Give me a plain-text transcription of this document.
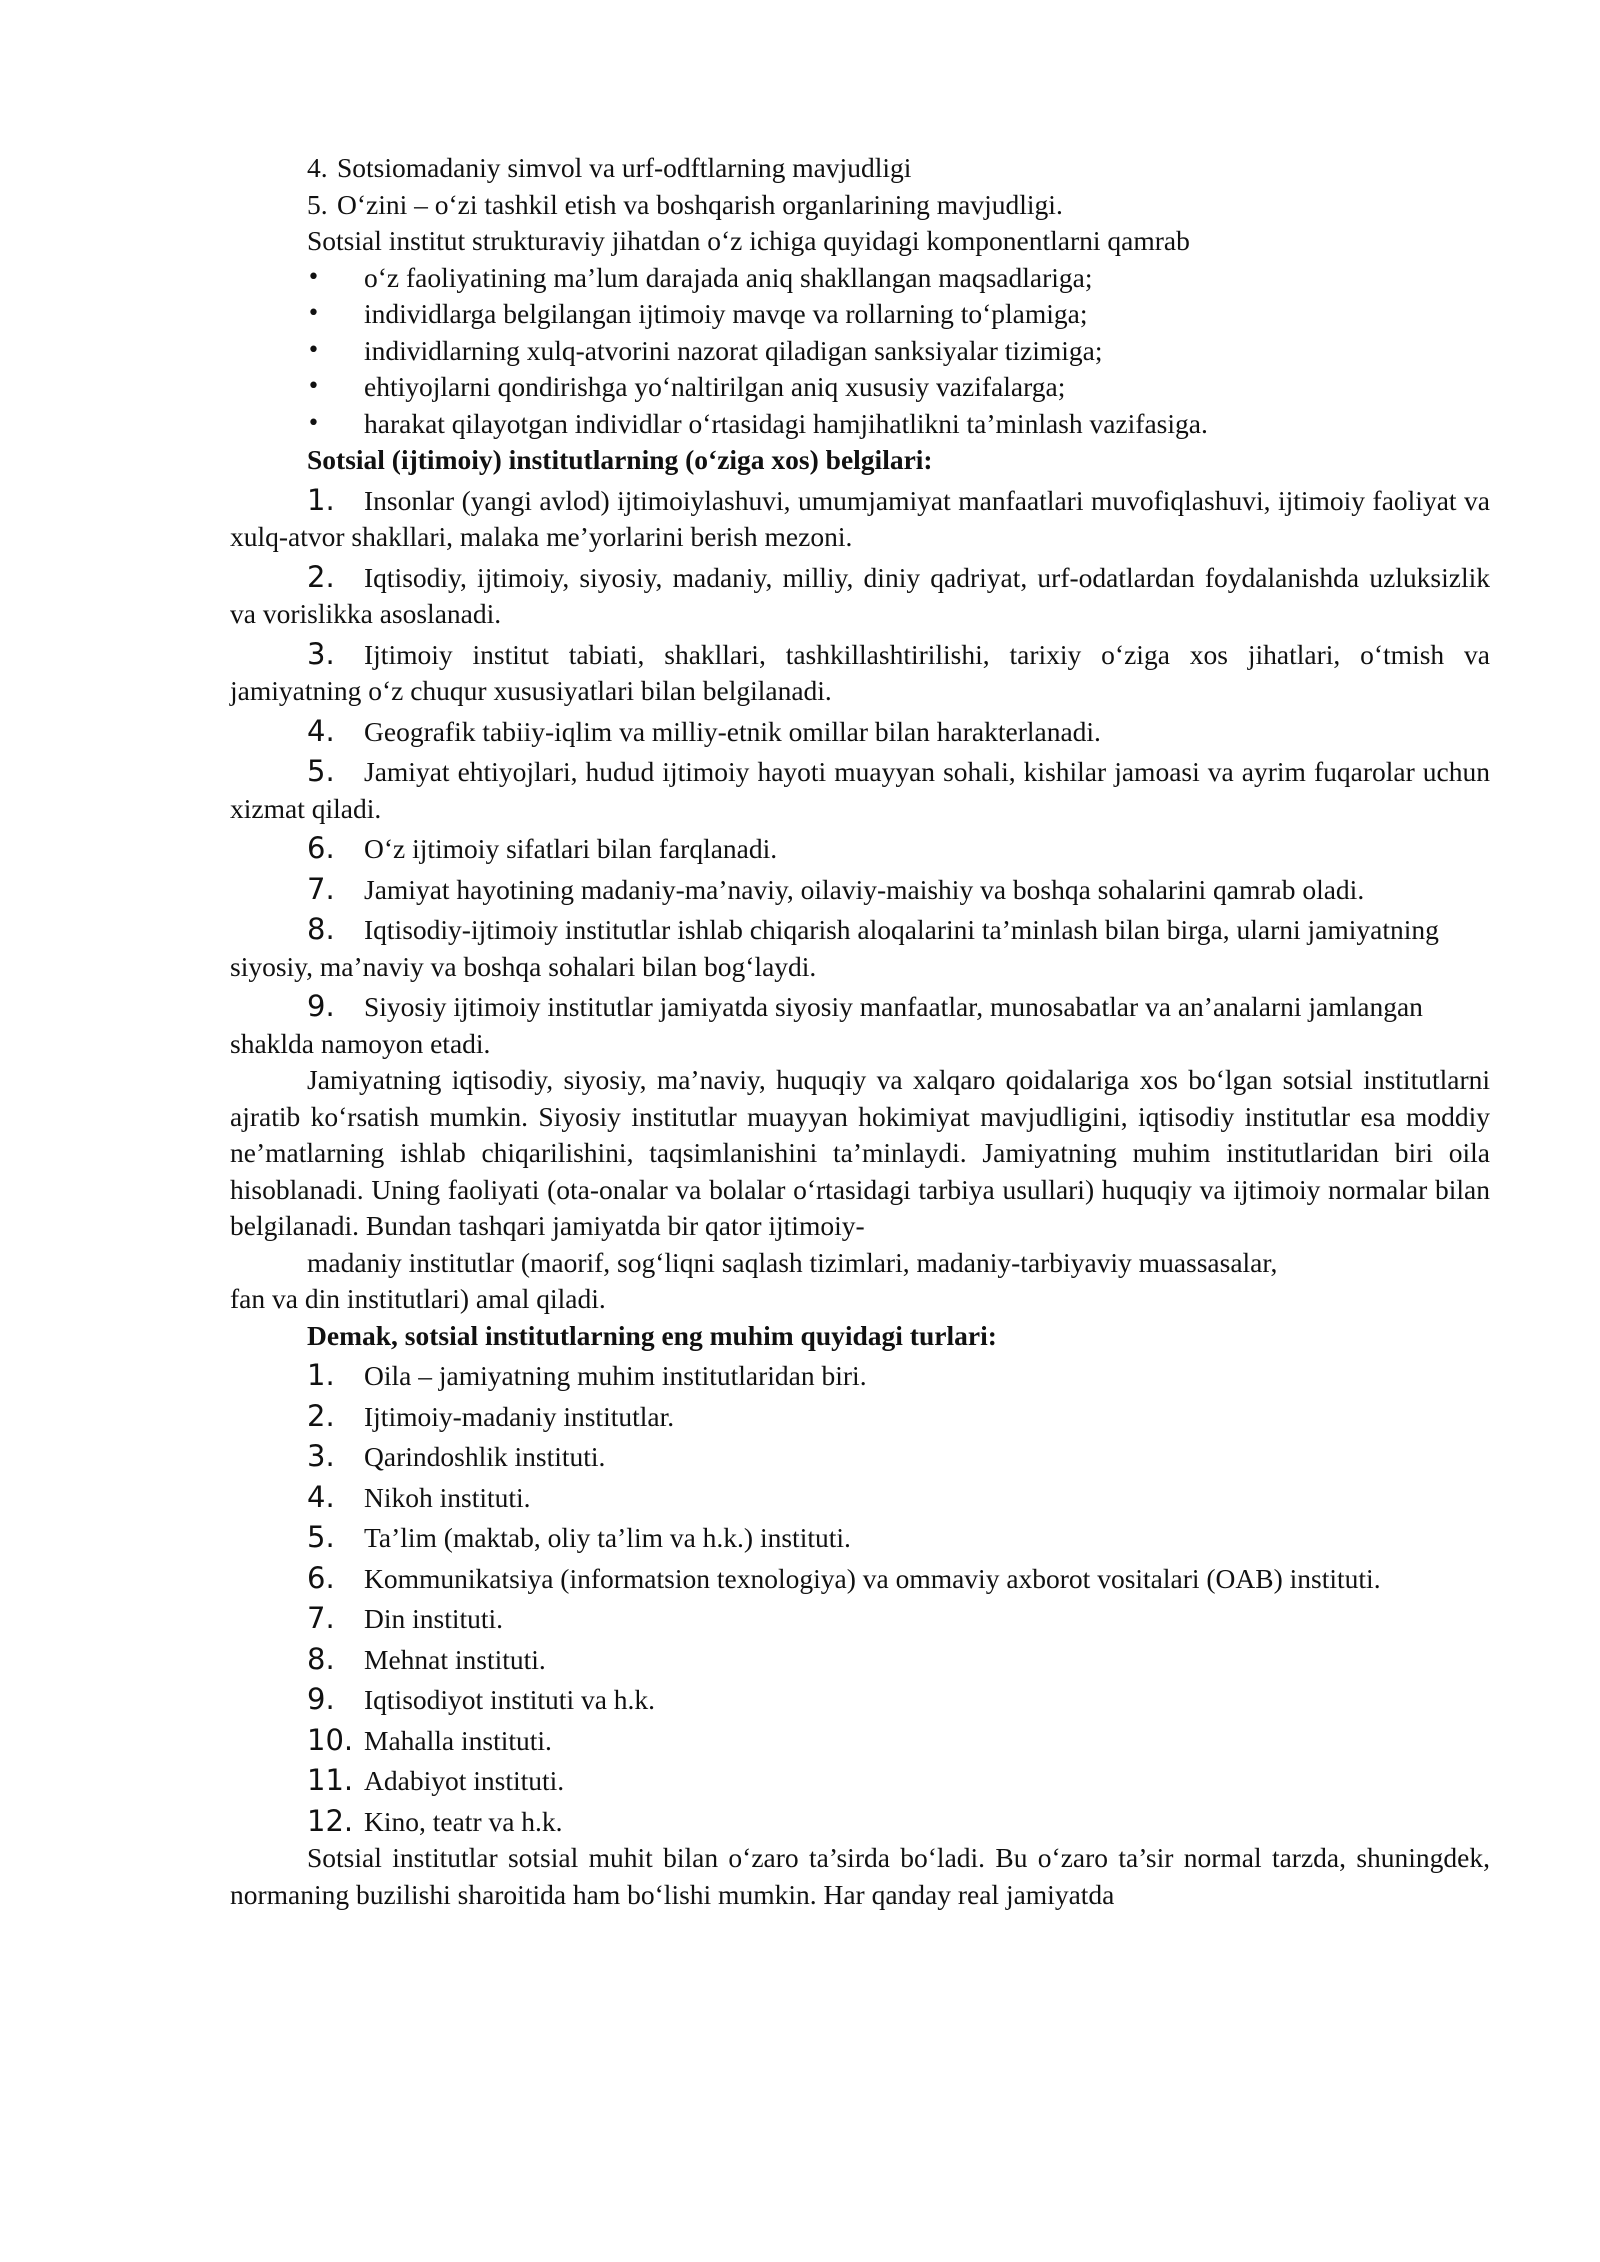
4. Sotsiomadaniy simvol va urf-odftlarning mavjudligi

5. O‘zini – o‘zi tashkil etish va boshqarish organlarining mavjudligi.

Sotsial institut strukturaviy jihatdan o‘z ichiga quyidagi komponentlarni qamrab

• o‘z faoliyatining ma’lum darajada aniq shakllangan maqsadlariga;

• individlarga belgilangan ijtimoiy mavqe va rollarning to‘plamiga;

• individlarning xulq-atvorini nazorat qiladigan sanksiyalar tizimiga;

• ehtiyojlarni qondirishga yo‘naltirilgan aniq xususiy vazifalarga;

• harakat qilayotgan individlar o‘rtasidagi hamjihatlikni ta’minlash vazifasiga.

Sotsial (ijtimoiy) institutlarning (o‘ziga xos) belgilari:

1. Insonlar (yangi avlod) ijtimoiylashuvi, umumjamiyat manfaatlari muvofiqlashuvi, ijtimoiy faoliyat va xulq-atvor shakllari, malaka me’yorlarini berish mezoni.

2. Iqtisodiy, ijtimoiy, siyosiy, madaniy, milliy, diniy qadriyat, urf-odatlardan foydalanishda uzluksizlik va vorislikka asoslanadi.

3. Ijtimoiy institut tabiati, shakllari, tashkillashtirilishi, tarixiy o‘ziga xos jihatlari, o‘tmish va jamiyatning o‘z chuqur xususiyatlari bilan belgilanadi.

4. Geografik tabiiy-iqlim va milliy-etnik omillar bilan harakterlanadi.

5. Jamiyat ehtiyojlari, hudud ijtimoiy hayoti muayyan sohali, kishilar jamoasi va ayrim fuqarolar uchun xizmat qiladi.

6. O‘z ijtimoiy sifatlari bilan farqlanadi.

7. Jamiyat hayotining madaniy-ma’naviy, oilaviy-maishiy va boshqa sohalarini qamrab oladi.

8. Iqtisodiy-ijtimoiy institutlar ishlab chiqarish aloqalarini ta’minlash bilan birga, ularni jamiyatning siyosiy, ma’naviy va boshqa sohalari bilan bog‘laydi.

9. Siyosiy ijtimoiy institutlar jamiyatda siyosiy manfaatlar, munosabatlar va an’analarni jamlangan shaklda namoyon etadi.

Jamiyatning iqtisodiy, siyosiy, ma’naviy, huquqiy va xalqaro qoidalariga xos bo‘lgan sotsial institutlarni ajratib ko‘rsatish mumkin. Siyosiy institutlar muayyan hokimiyat mavjudligini, iqtisodiy institutlar esa moddiy ne’matlarning ishlab chiqarilishini, taqsimlanishini ta’minlaydi. Jamiyatning muhim institutlaridan biri oila hisoblanadi. Uning faoliyati (ota-onalar va bolalar o‘rtasidagi tarbiya usullari) huquqiy va ijtimoiy normalar bilan belgilanadi. Bundan tashqari jamiyatda bir qator ijtimoiy-

madaniy institutlar (maorif, sog‘liqni saqlash tizimlari, madaniy-tarbiyaviy muassasalar,

fan va din institutlari) amal qiladi.

Demak, sotsial institutlarning eng muhim quyidagi turlari:

1. Oila – jamiyatning muhim institutlaridan biri.

2. Ijtimoiy-madaniy institutlar.

3. Qarindoshlik instituti.

4. Nikoh instituti.

5. Ta’lim (maktab, oliy ta’lim va h.k.) instituti.

6. Kommunikatsiya (informatsion texnologiya) va ommaviy axborot vositalari (OAB) instituti.

7. Din instituti.

8. Mehnat instituti.

9. Iqtisodiyot instituti va h.k.

10. Mahalla instituti.

11. Adabiyot instituti.

12. Kino, teatr va h.k.

Sotsial institutlar sotsial muhit bilan o‘zaro ta’sirda bo‘ladi. Bu o‘zaro ta’sir normal tarzda, shuningdek, normaning buzilishi sharoitida ham bo‘lishi mumkin. Har qanday real jamiyatda
